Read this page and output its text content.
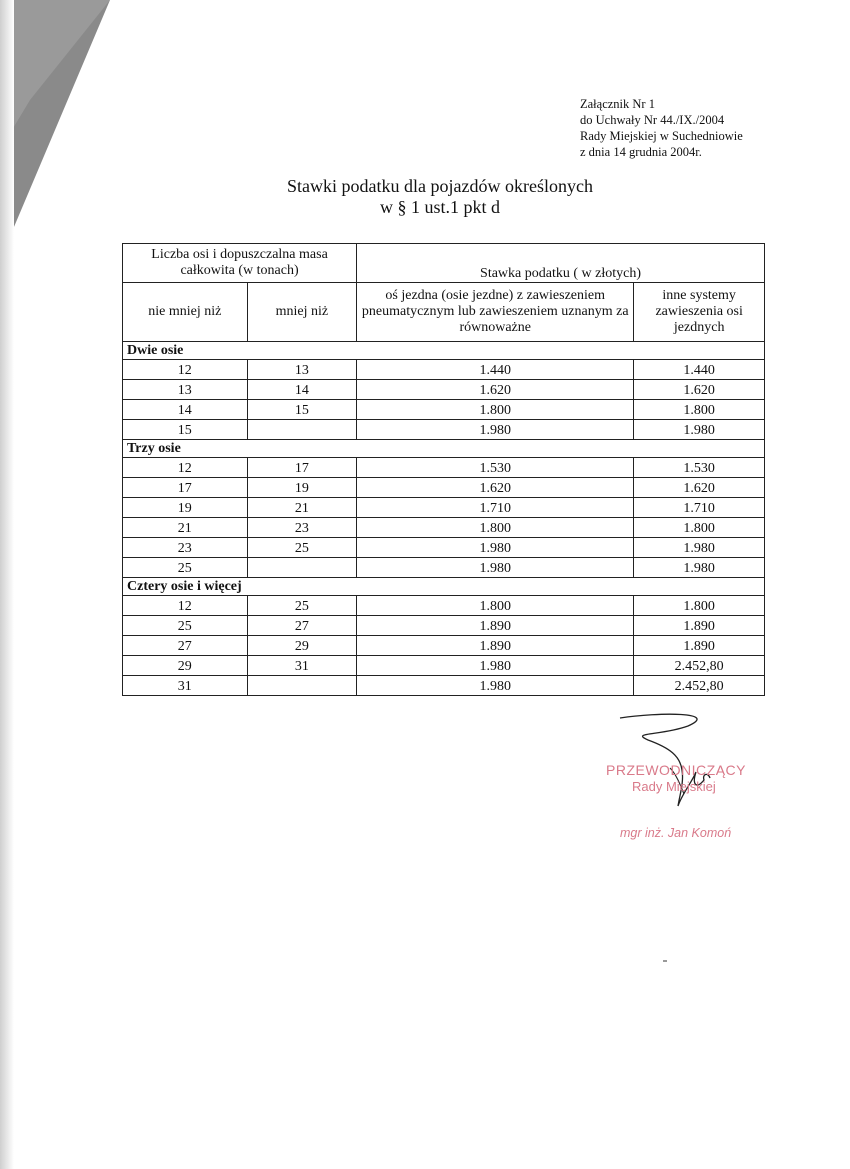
Załącznik Nr 1
do Uchwały Nr 44./IX./2004
Rady Miejskiej w Suchedniowie
z dnia 14 grudnia 2004r.
Stawki podatku dla pojazdów określonych
w § 1 ust.1 pkt d
Liczba osi i dopuszczalna masa całkowita (w tonach)		Stawka podatku ( w złotych)	
nie mniej niż	mniej niż	oś jezdna (osie jezdne) z zawieszeniem pneumatycznym lub zawieszeniem uznanym za równoważne	inne systemy zawieszenia osi jezdnych
Dwie osie			
12	13	1.440	1.440
13	14	1.620	1.620
14	15	1.800	1.800
15		1.980	1.980
Trzy osie			
12	17	1.530	1.530
17	19	1.620	1.620
19	21	1.710	1.710
21	23	1.800	1.800
23	25	1.980	1.980
25		1.980	1.980
Cztery osie i więcej			
12	25	1.800	1.800
25	27	1.890	1.890
27	29	1.890	1.890
29	31	1.980	2.452,80
31		1.980	2.452,80
PRZEWODNICZĄCY
Rady Miejskiej
mgr inż. Jan Komoń
